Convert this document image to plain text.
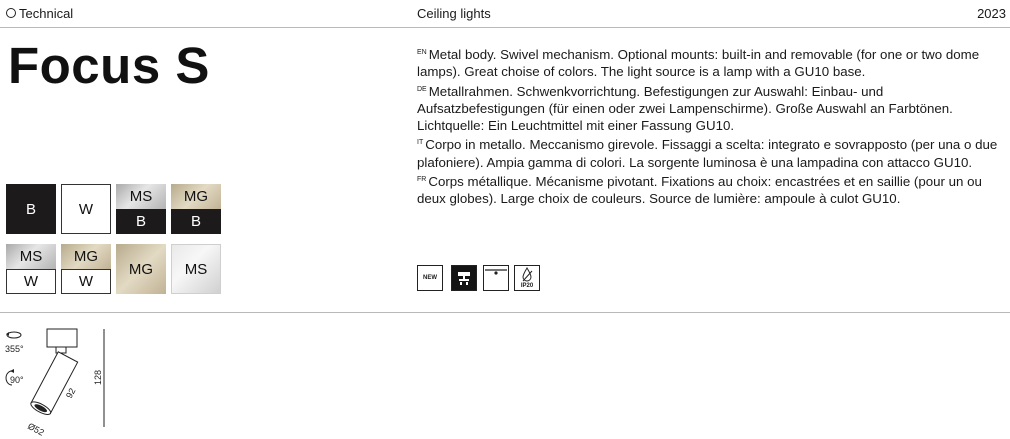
Technical	Ceiling lights	2023
Focus S	$^{EN}$ Metal body. Swivel mechanism. Optional mounts: built-in and removable (for one or two dome lamps). Great choise of colors. The light source is a lamp with a GU10 base.

$^{DE}$ Metallrahmen. Schwenkvorrichtung. Befestigungen zur Auswahl: Einbau- und Aufsatzbefestigungen (für einen oder zwei Lampenschirme). Große Auswahl an Farbtönen. Lichtquelle: Ein Leuchtmittel mit einer Fassung GU10.

$^{IT}$ Corpo in metallo. Meccanismo girevole. Fissaggi a scelta: integrato e sovrapposto (per una o due plafoniere). Ampia gamma di colori. La sorgente luminosa è una lampadina con attacco GU10.

$^{FR}$ Corps métallique. Mécanisme pivotant. Fixations au choix: encastrées et en saillie (pour un ou deux globes). Large choix de couleurs. Source de lumière: ampoule à culot GU10.

B	W
MS
B
MG
B
MS
W
MG
W
MG	MS
NEW
IP20
355°
90°	128
92
Ø52
